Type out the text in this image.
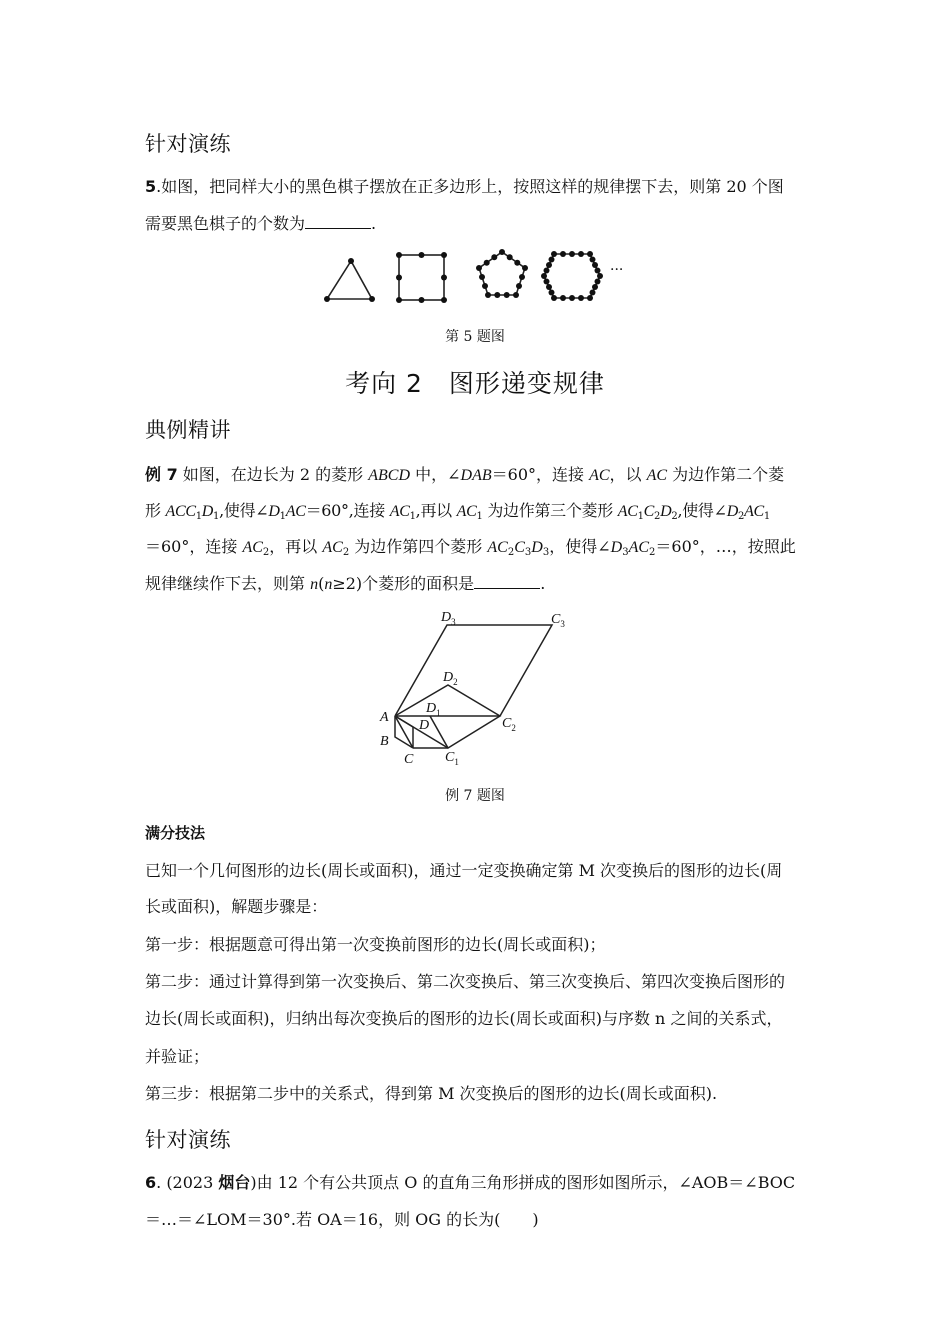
针对演练
5.如图，把同样大小的黑色棋子摆放在正多边形上，按照这样的规律摆下去，则第 20 个图
需要黑色棋子的个数为	.
···
第 5 题图
考向 2　图形递变规律
典例精讲
例 7 如图，在边长为 2 的菱形 ABCD 中，∠DAB＝60°，连接 AC，以 AC 为边作第二个菱
形 $ACC_1D_1$,使得$\angle D_1AC=60^\circ$,连接 $AC_1$,再以 $AC_1$ 为边作第三个菱形 $AC_1C_2D_2$,使得$\angle D_2AC_1$
＝60°，连接 $AC_2$，再以 $AC_2$ 为边作第四个菱形 $AC_2C_3D_3$，使得$\angle D_3AC_2=60^\circ$，…，按照此
规律继续作下去，则第 n(n≥2)个菱形的面积是	.
$D_3$	$C_3$
$D_2$
$D_1$
D
A
B
C $C_1$
$C_2$
例 7 题图
满分技法
已知一个几何图形的边长(周长或面积)，通过一定变换确定第 M 次变换后的图形的边长(周
长或面积)，解题步骤是：
第一步：根据题意可得出第一次变换前图形的边长(周长或面积)；
第二步：通过计算得到第一次变换后、第二次变换后、第三次变换后、第四次变换后图形的
边长(周长或面积)，归纳出每次变换后的图形的边长(周长或面积)与序数 n 之间的关系式，
并验证；
第三步：根据第二步中的关系式，得到第 M 次变换后的图形的边长(周长或面积).
针对演练
6. (2023 烟台)由 12 个有公共顶点 O 的直角三角形拼成的图形如图所示，∠AOB＝∠BOC
＝…＝∠LOM＝30°.若 OA＝16，则 OG 的长为(　　)
